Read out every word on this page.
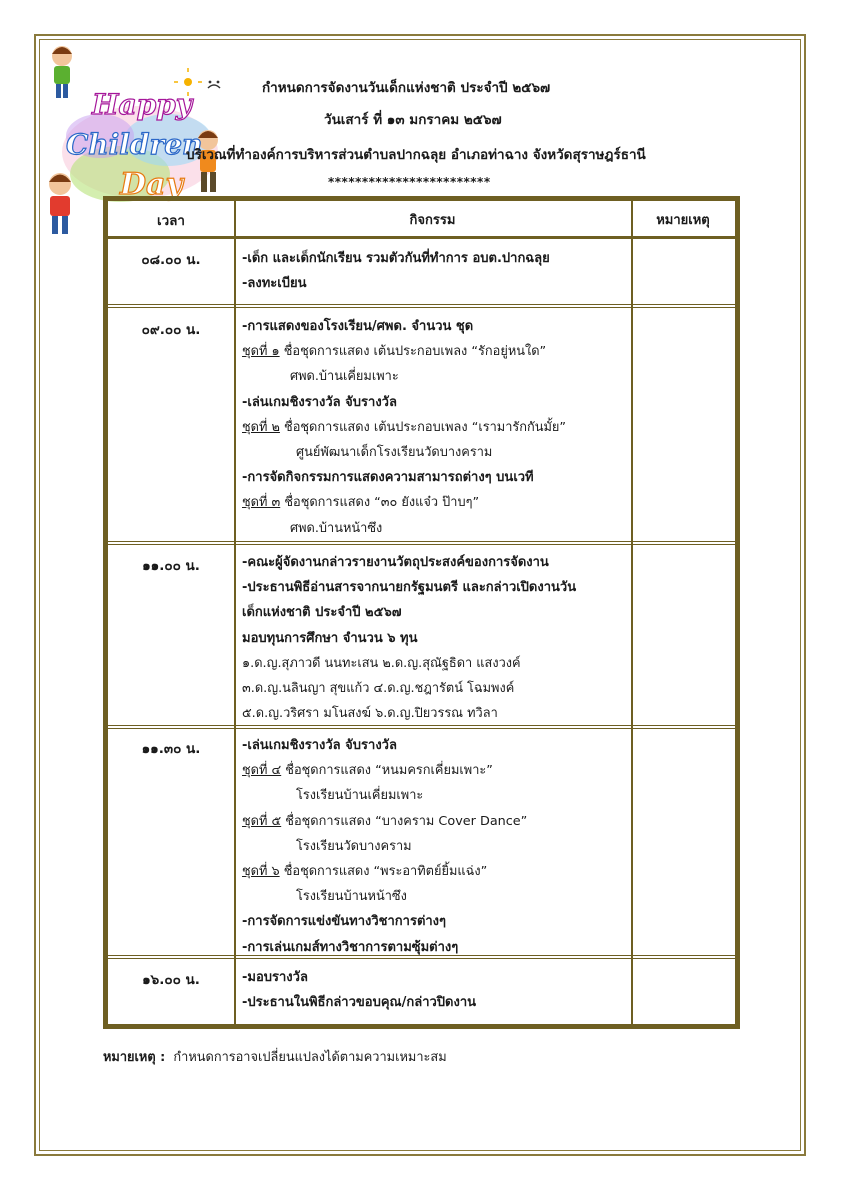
Happy
Children
Day
กำหนดการจัดงานวันเด็กแห่งชาติ ประจำปี ๒๕๖๗
วันเสาร์ ที่ ๑๓ มกราคม ๒๕๖๗
บริเวณที่ทำองค์การบริหารส่วนตำบลปากฉลุย อำเภอท่าฉาง จังหวัดสุราษฎร์ธานี
************************
เวลา	กิจกรรม	หมายเหตุ
๐๘.๐๐ น.	-เด็ก และเด็กนักเรียน รวมตัวกันที่ทำการ อบต.ปากฉลุย
-ลงทะเบียน
๐๙.๐๐ น.	-การแสดงของโรงเรียน/ศพด. จำนวน ชุด
ชุดที่ ๑ ชื่อชุดการแสดง เต้นประกอบเพลง “รักอยู่หนใด”
ศพด.บ้านเคี่ยมเพาะ
-เล่นเกมชิงรางวัล จับรางวัล
ชุดที่ ๒ ชื่อชุดการแสดง เต้นประกอบเพลง “เรามารักกันมั้ย”
ศูนย์พัฒนาเด็กโรงเรียนวัดบางคราม
-การจัดกิจกรรมการแสดงความสามารถต่างๆ บนเวที
ชุดที่ ๓ ชื่อชุดการแสดง “๓๐ ยังแจ๋ว ป๊าบๆ”
ศพด.บ้านหน้าซึง
๑๑.๐๐ น.	-คณะผู้จัดงานกล่าวรายงานวัตถุประสงค์ของการจัดงาน
-ประธานพิธีอ่านสารจากนายกรัฐมนตรี และกล่าวเปิดงานวัน
เด็กแห่งชาติ ประจำปี ๒๕๖๗
มอบทุนการศึกษา จำนวน ๖ ทุน
๑.ด.ญ.สุภาวดี นนทะเสน ๒.ด.ญ.สุณัฐธิดา แสงวงค์
๓.ด.ญ.นลินญา สุขแก้ว ๔.ด.ญ.ชฎารัตน์ โฉมพงค์
๕.ด.ญ.วริศรา มโนสงฆ์ ๖.ด.ญ.ปิยวรรณ ทวิลา
๑๑.๓๐ น.	-เล่นเกมชิงรางวัล จับรางวัล
ชุดที่ ๔ ชื่อชุดการแสดง “หนมครกเคี่ยมเพาะ”
โรงเรียนบ้านเคี่ยมเพาะ
ชุดที่ ๕ ชื่อชุดการแสดง “บางคราม Cover Dance”
โรงเรียนวัดบางคราม
ชุดที่ ๖ ชื่อชุดการแสดง “พระอาทิตย์ยิ้มแฉ่ง”
โรงเรียนบ้านหน้าซึง
-การจัดการแข่งขันทางวิชาการต่างๆ
-การเล่นเกมส์ทางวิชาการตามซุ้มต่างๆ
๑๖.๐๐ น.	-มอบรางวัล
-ประธานในพิธีกล่าวขอบคุณ/กล่าวปิดงาน
หมายเหตุ : กำหนดการอาจเปลี่ยนแปลงได้ตามความเหมาะสม
